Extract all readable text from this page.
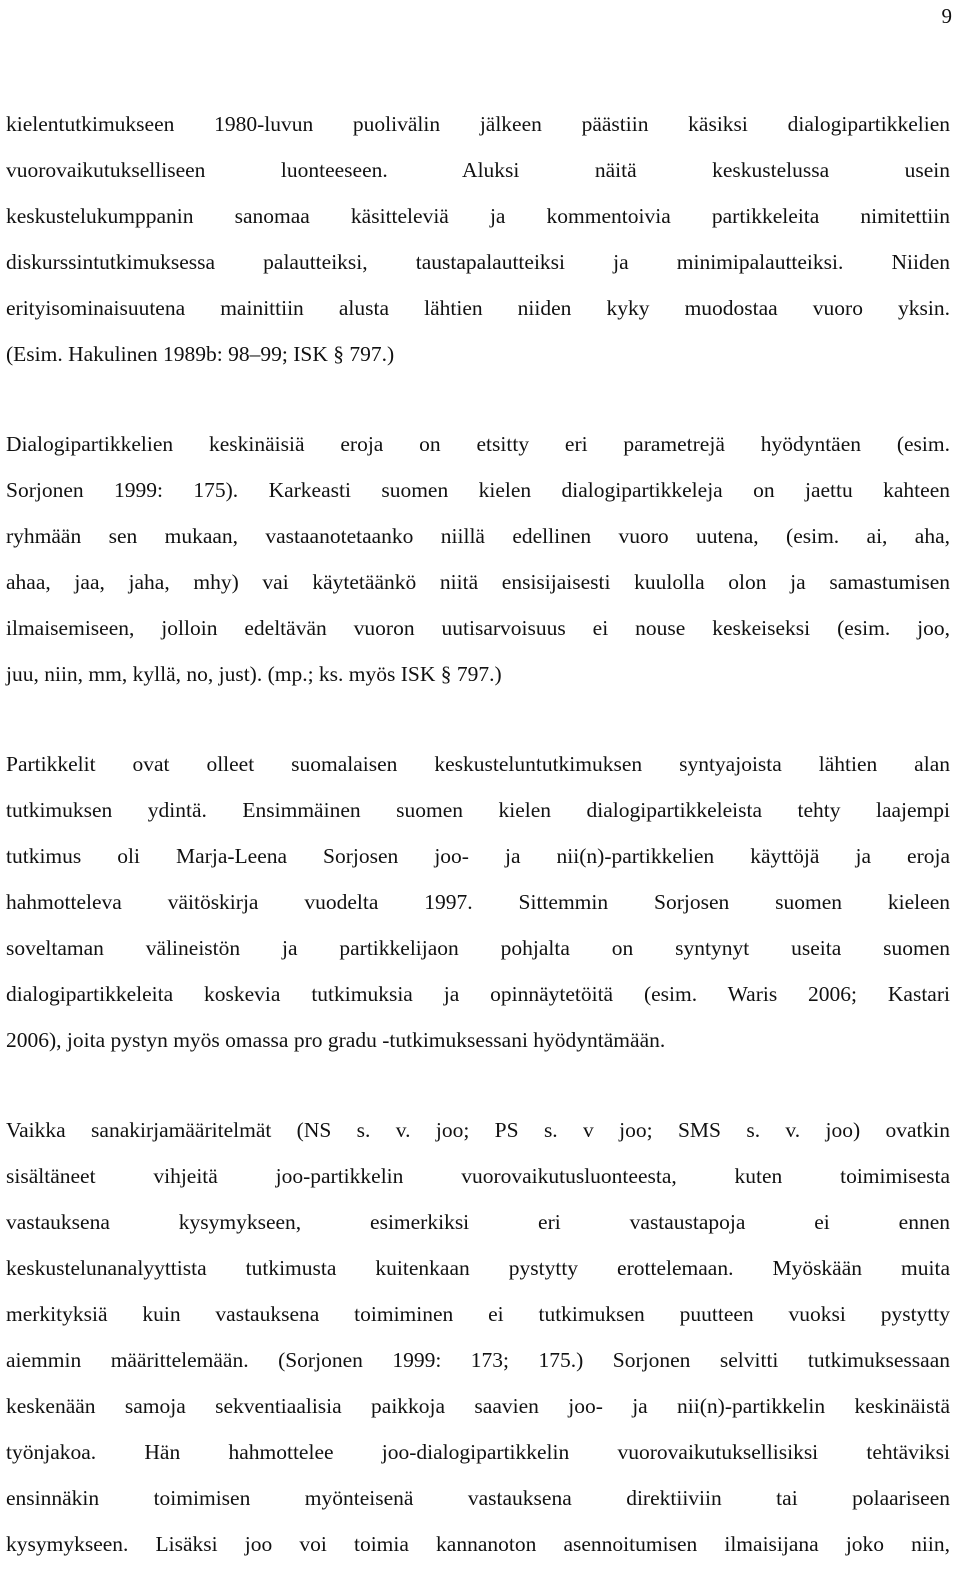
9
kielentutkimukseen 1980-luvun puolivälin jälkeen päästiin käsiksi dialogipartikkelien
vuorovaikutukselliseen luonteeseen. Aluksi näitä keskustelussa usein
keskustelukumppanin sanomaa käsitteleviä ja kommentoivia partikkeleita nimitettiin
diskurssintutkimuksessa palautteiksi, taustapalautteiksi ja minimipalautteiksi. Niiden
erityisominaisuutena mainittiin alusta lähtien niiden kyky muodostaa vuoro yksin.
(Esim. Hakulinen 1989b: 98–99; ISK § 797.)
Dialogipartikkelien keskinäisiä eroja on etsitty eri parametrejä hyödyntäen (esim.
Sorjonen 1999: 175). Karkeasti suomen kielen dialogipartikkeleja on jaettu kahteen
ryhmään sen mukaan, vastaanotetaanko niillä edellinen vuoro uutena, (esim. ai, aha,
ahaa, jaa, jaha, mhy) vai käytetäänkö niitä ensisijaisesti kuulolla olon ja samastumisen
ilmaisemiseen, jolloin edeltävän vuoron uutisarvoisuus ei nouse keskeiseksi (esim. joo,
juu, niin, mm, kyllä, no, just). (mp.; ks. myös ISK § 797.)
Partikkelit ovat olleet suomalaisen keskusteluntutkimuksen syntyajoista lähtien alan
tutkimuksen ydintä. Ensimmäinen suomen kielen dialogipartikkeleista tehty laajempi
tutkimus oli Marja-Leena Sorjosen joo- ja nii(n)-partikkelien käyttöjä ja eroja
hahmotteleva väitöskirja vuodelta 1997. Sittemmin Sorjosen suomen kieleen
soveltaman välineistön ja partikkelijaon pohjalta on syntynyt useita suomen
dialogipartikkeleita koskevia tutkimuksia ja opinnäytetöitä (esim. Waris 2006; Kastari
2006), joita pystyn myös omassa pro gradu -tutkimuksessani hyödyntämään.
Vaikka sanakirjamääritelmät (NS s. v. joo; PS s. v joo; SMS s. v. joo) ovatkin
sisältäneet vihjeitä joo-partikkelin vuorovaikutusluonteesta, kuten toimimisesta
vastauksena kysymykseen, esimerkiksi eri vastaustapoja ei ennen
keskustelunanalyyttista tutkimusta kuitenkaan pystytty erottelemaan. Myöskään muita
merkityksiä kuin vastauksena toimiminen ei tutkimuksen puutteen vuoksi pystytty
aiemmin määrittelemään. (Sorjonen 1999: 173; 175.) Sorjonen selvitti tutkimuksessaan
keskenään samoja sekventiaalisia paikkoja saavien joo- ja nii(n)-partikkelin keskinäistä
työnjakoa. Hän hahmottelee joo-dialogipartikkelin vuorovaikutuksellisiksi tehtäviksi
ensinnäkin toimimisen myönteisenä vastauksena direktiiviin tai polaariseen
kysymykseen. Lisäksi joo voi toimia kannanoton asennoitumisen ilmaisijana joko niin,
